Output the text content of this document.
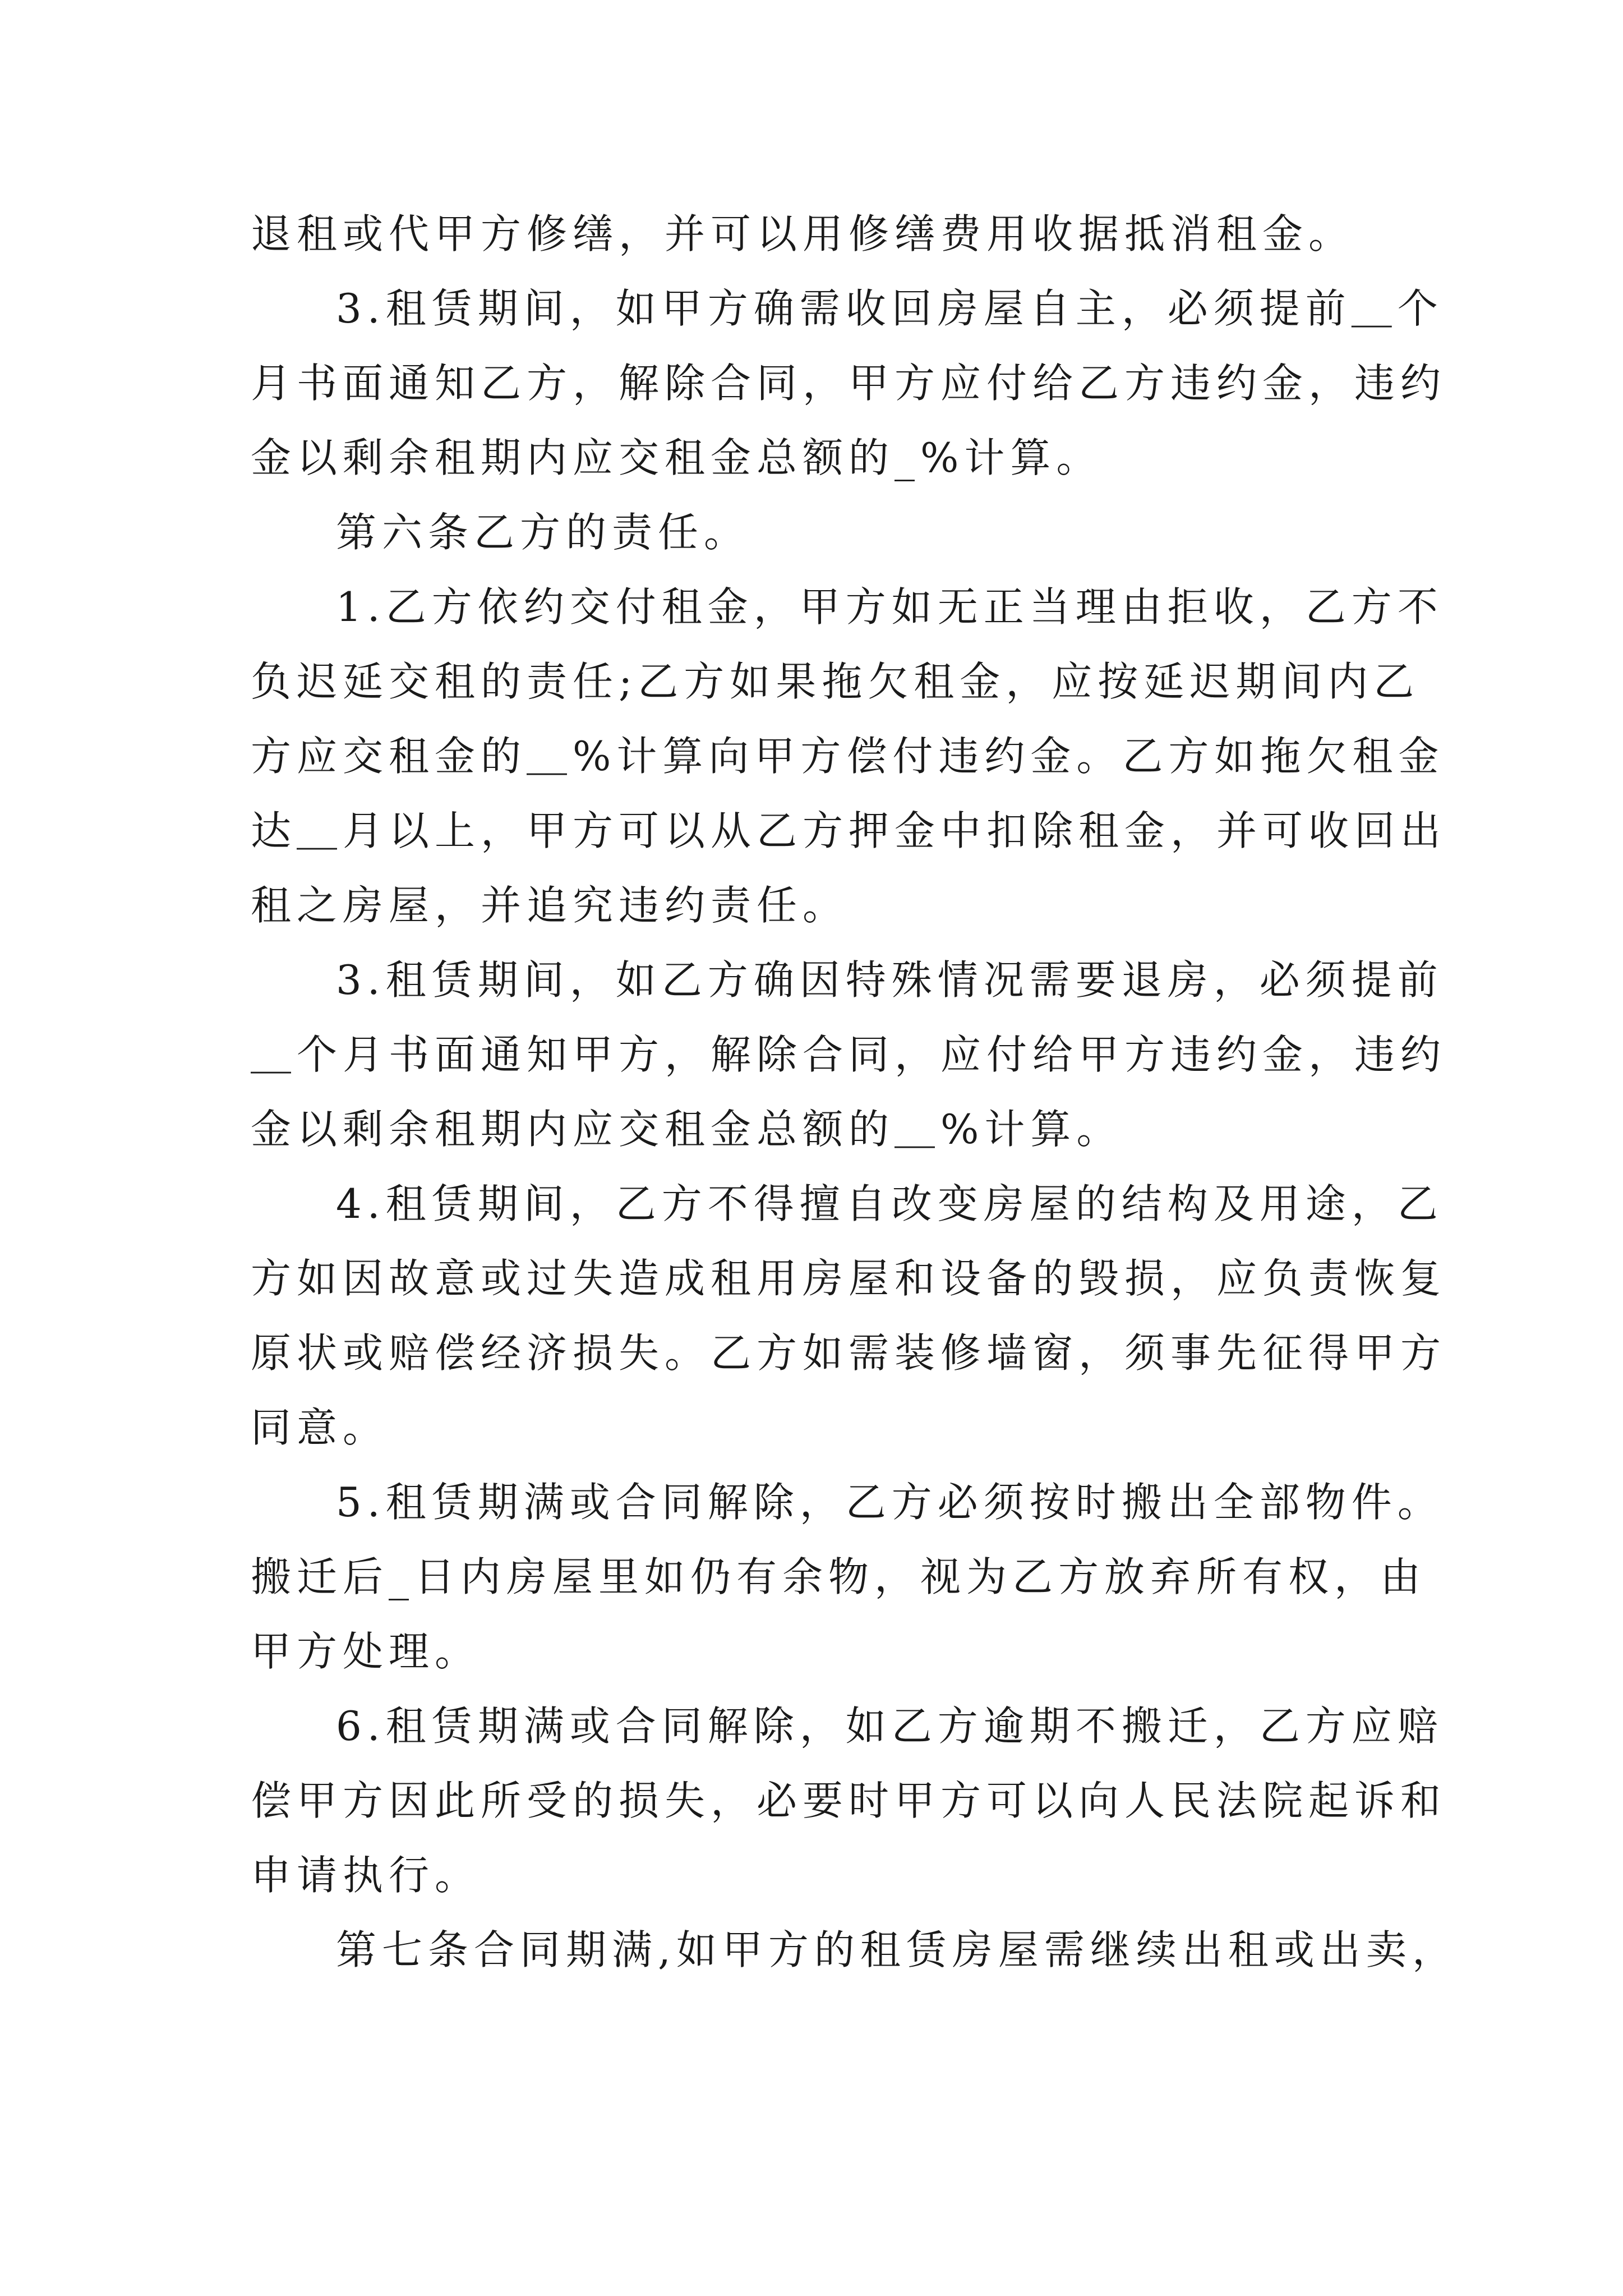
退租或代甲方修缮，并可以用修缮费用收据抵消租金。
3.租赁期间，如甲方确需收回房屋自主，必须提前＿个
月书面通知乙方，解除合同，甲方应付给乙方违约金，违约
金以剩余租期内应交租金总额的_%计算。
第六条乙方的责任。
1.乙方依约交付租金，甲方如无正当理由拒收，乙方不
负迟延交租的责任;乙方如果拖欠租金，应按延迟期间内乙
方应交租金的＿%计算向甲方偿付违约金。乙方如拖欠租金
达＿月以上，甲方可以从乙方押金中扣除租金，并可收回出
租之房屋，并追究违约责任。
3.租赁期间，如乙方确因特殊情况需要退房，必须提前
＿个月书面通知甲方，解除合同，应付给甲方违约金，违约
金以剩余租期内应交租金总额的＿%计算。
4.租赁期间，乙方不得擅自改变房屋的结构及用途，乙
方如因故意或过失造成租用房屋和设备的毁损，应负责恢复
原状或赔偿经济损失。乙方如需装修墙窗，须事先征得甲方
同意。
5.租赁期满或合同解除，乙方必须按时搬出全部物件。
搬迁后_日内房屋里如仍有余物，视为乙方放弃所有权，由
甲方处理。
6.租赁期满或合同解除，如乙方逾期不搬迁，乙方应赔
偿甲方因此所受的损失，必要时甲方可以向人民法院起诉和
申请执行。
第七条合同期满,如甲方的租赁房屋需继续出租或出卖，
